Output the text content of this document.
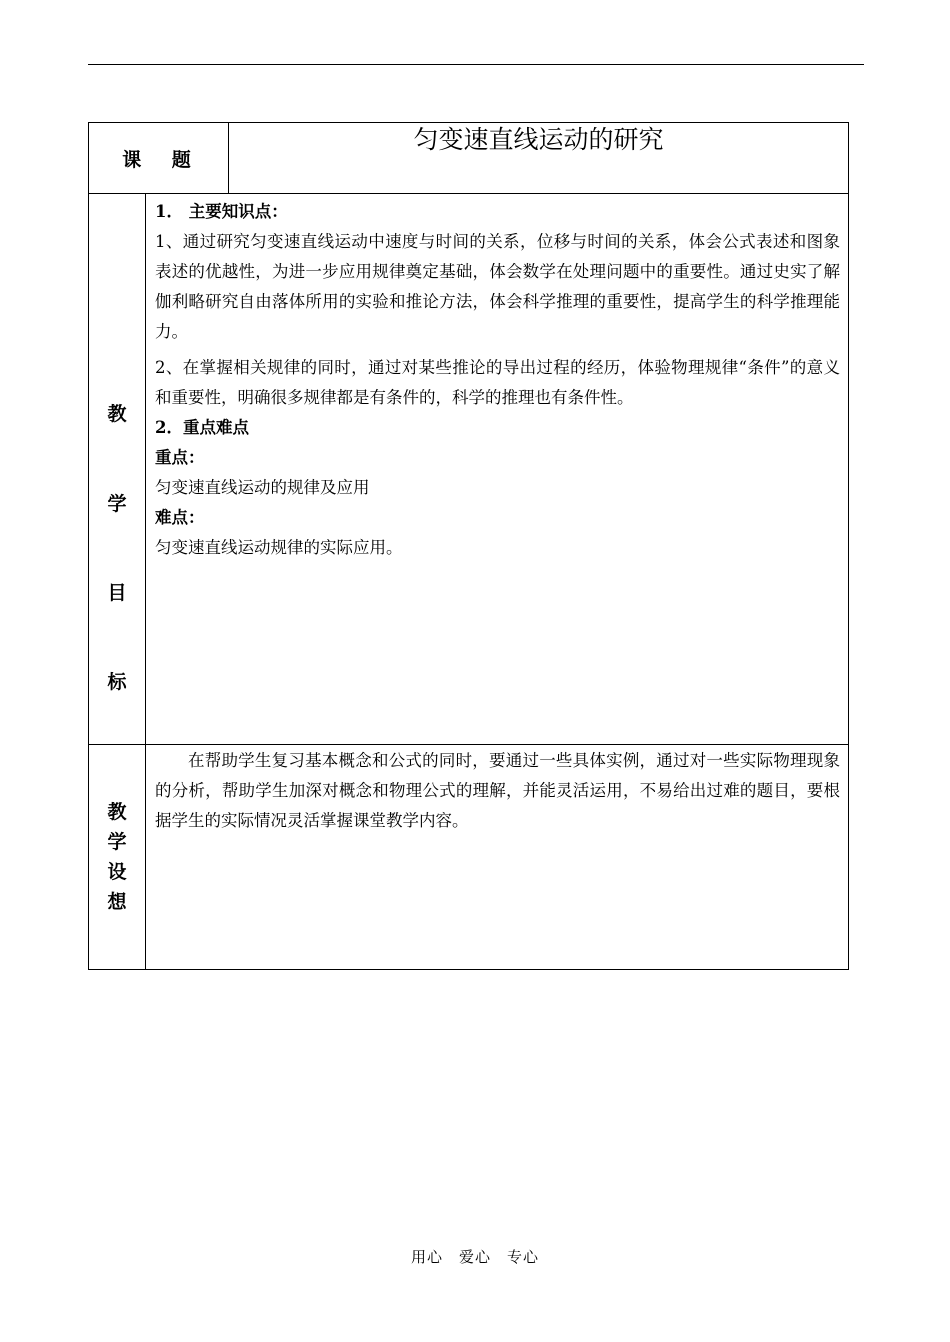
课 题
匀变速直线运动的研究
教
学
目
标

1． 主要知识点：

1、通过研究匀变速直线运动中速度与时间的关系，位移与时间的关系，体会公式表述和图象表述的优越性，为进一步应用规律奠定基础，体会数学在处理问题中的重要性。通过史实了解伽利略研究自由落体所用的实验和推论方法，体会科学推理的重要性，提高学生的科学推理能力。

2、在掌握相关规律的同时，通过对某些推论的导出过程的经历，体验物理规律“条件”的意义和重要性，明确很多规律都是有条件的，科学的推理也有条件性。

2．重点难点

重点：

匀变速直线运动的规律及应用

难点：

匀变速直线运动规律的实际应用。

教
学
设
想
在帮助学生复习基本概念和公式的同时，要通过一些具体实例，通过对一些实际物理现象的分析，帮助学生加深对概念和物理公式的理解，并能灵活运用，不易给出过难的题目，要根据学生的实际情况灵活掌握课堂教学内容。
用心　爱心　专心
